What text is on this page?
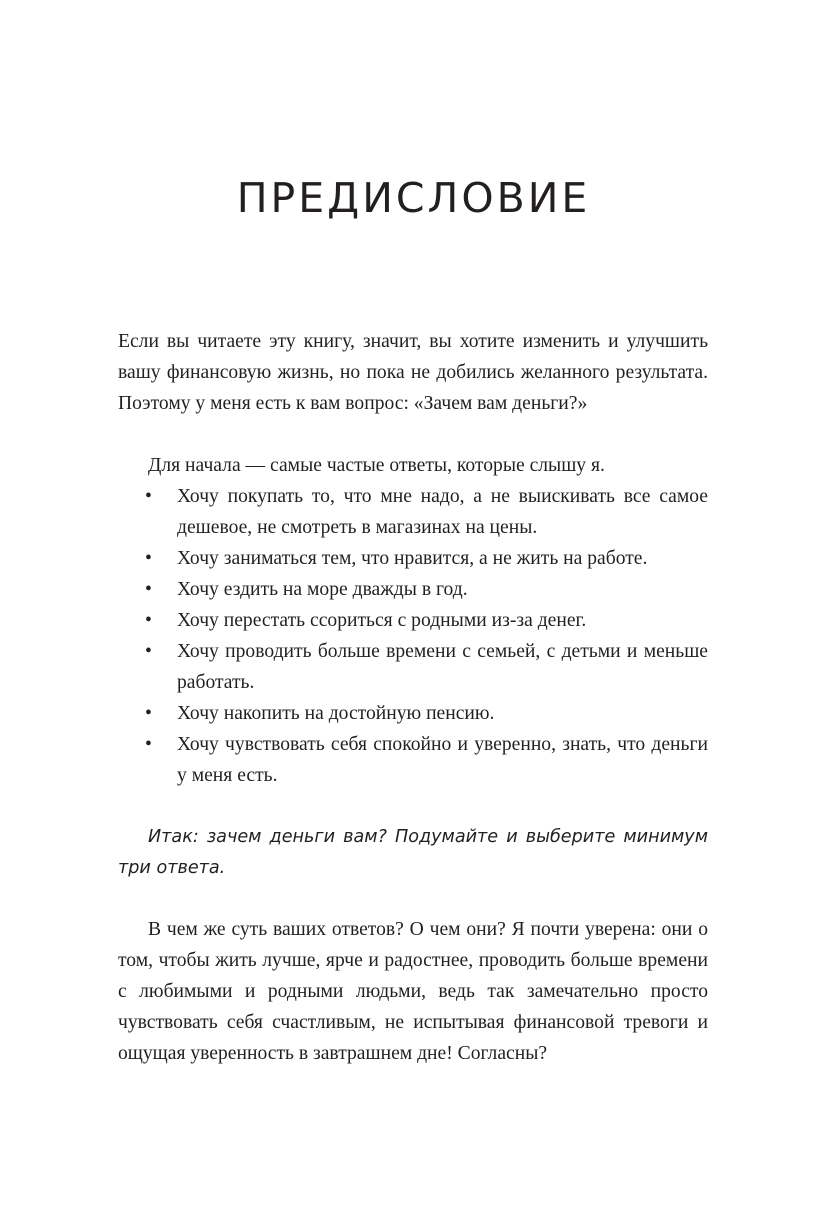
ПРЕДИСЛОВИЕ

Если вы читаете эту книгу, значит, вы хотите изменить и улучшить вашу финансовую жизнь, но пока не добились желанного результата. Поэтому у меня есть к вам вопрос: «Зачем вам деньги?»

Для начала — самые частые ответы, которые слышу я.

• Хочу покупать то, что мне надо, а не выискивать все самое дешевое, не смотреть в магазинах на цены.
• Хочу заниматься тем, что нравится, а не жить на работе.
• Хочу ездить на море дважды в год.
• Хочу перестать ссориться с родными из-за денег.
• Хочу проводить больше времени с семьей, с детьми и меньше работать.
• Хочу накопить на достойную пенсию.
• Хочу чувствовать себя спокойно и уверенно, знать, что деньги у меня есть.

Итак: зачем деньги вам? Подумайте и выберите минимум три ответа.

В чем же суть ваших ответов? О чем они? Я почти уверена: они о том, чтобы жить лучше, ярче и радостнее, проводить больше времени с любимыми и родными людьми, ведь так замечательно просто чувствовать себя счастливым, не испытывая финансовой тревоги и ощущая уверенность в завтрашнем дне! Согласны?
